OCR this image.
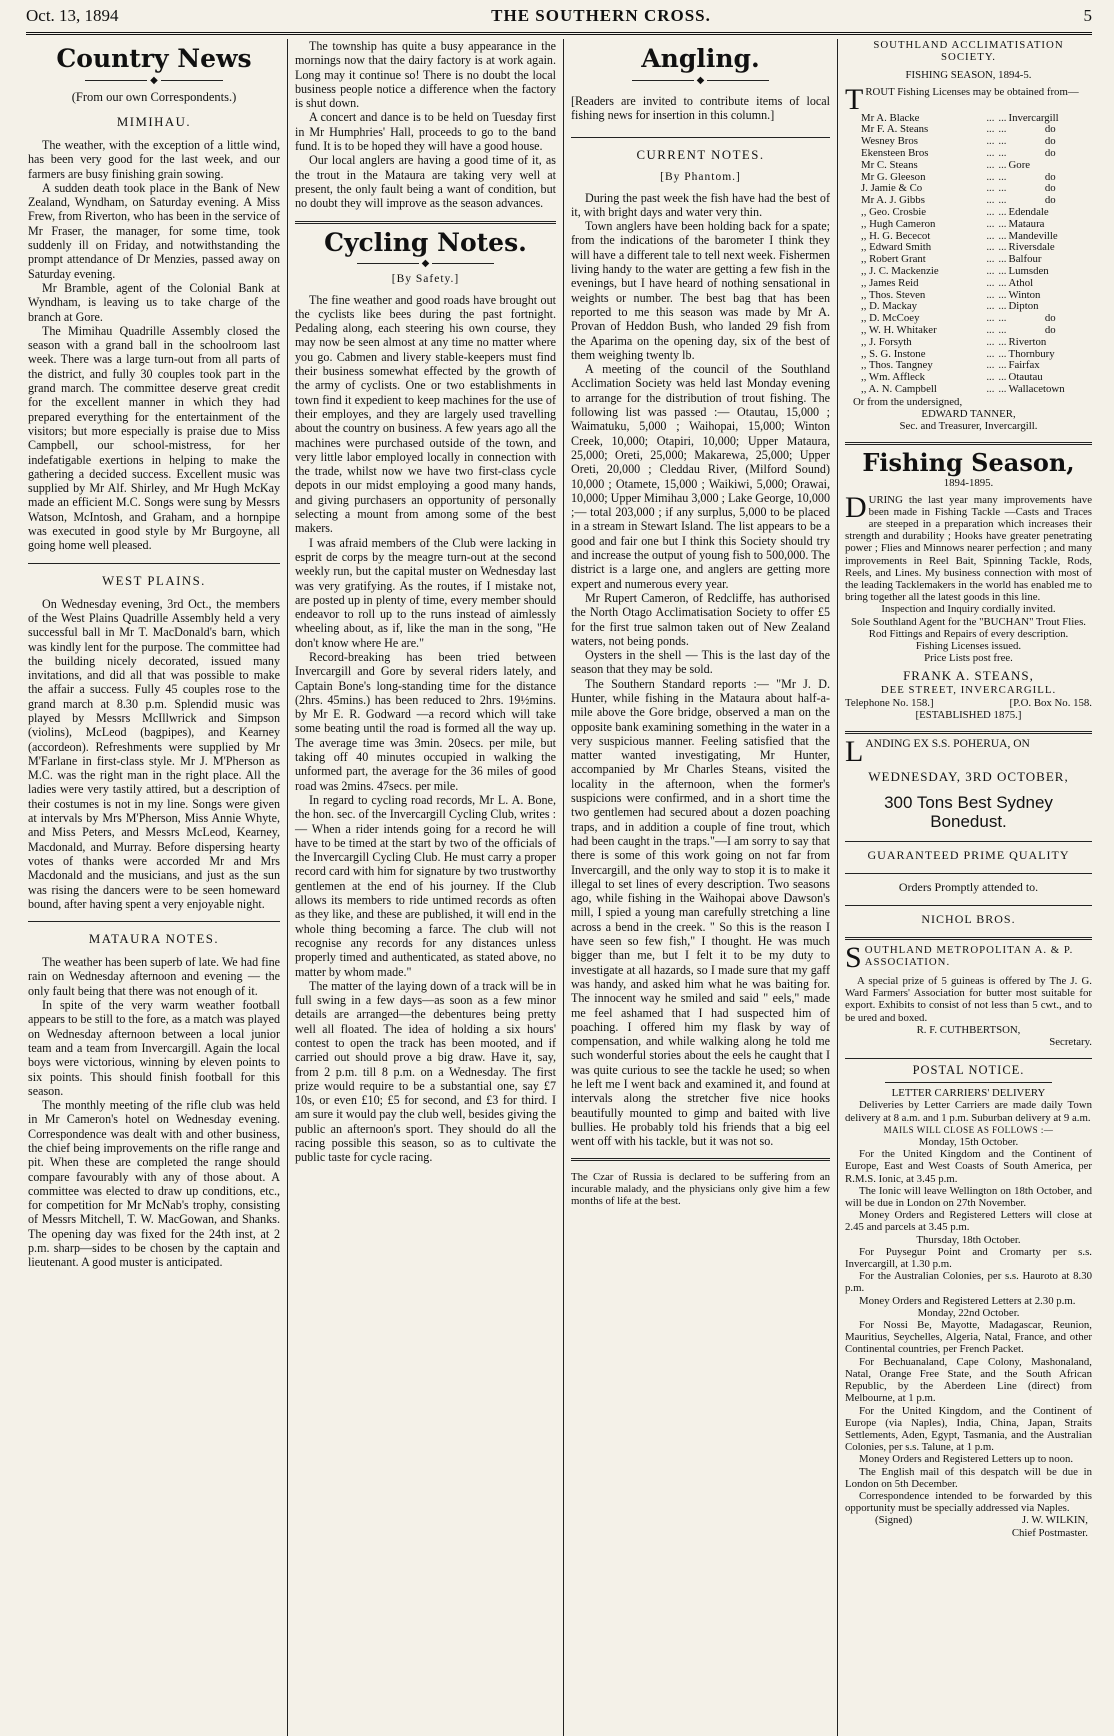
Oct. 13, 1894	THE SOUTHERN CROSS.	5
Country News
◆
(From our own Correspondents.)
MIMIHAU.

The weather, with the exception of a little wind, has been very good for the last week, and our farmers are busy finishing grain sowing.

A sudden death took place in the Bank of New Zealand, Wyndham, on Saturday evening. A Miss Frew, from Riverton, who has been in the service of Mr Fraser, the manager, for some time, took suddenly ill on Friday, and notwithstanding the prompt attendance of Dr Menzies, passed away on Saturday evening.

Mr Bramble, agent of the Colonial Bank at Wyndham, is leaving us to take charge of the branch at Gore.

The Mimihau Quadrille Assembly closed the season with a grand ball in the schoolroom last week. There was a large turn-out from all parts of the district, and fully 30 couples took part in the grand march. The committee deserve great credit for the excellent manner in which they had prepared everything for the entertainment of the visitors; but more especially is praise due to Miss Campbell, our school-mistress, for her indefatigable exertions in helping to make the gathering a decided success. Excellent music was supplied by Mr Alf. Shirley, and Mr Hugh McKay made an efficient M.C. Songs were sung by Messrs Watson, McIntosh, and Graham, and a hornpipe was executed in good style by Mr Burgoyne, all going home well pleased.

WEST PLAINS.

On Wednesday evening, 3rd Oct., the members of the West Plains Quadrille Assembly held a very successful ball in Mr T. MacDonald's barn, which was kindly lent for the purpose. The committee had the building nicely decorated, issued many invitations, and did all that was possible to make the affair a success. Fully 45 couples rose to the grand march at 8.30 p.m. Splendid music was played by Messrs McIllwrick and Simpson (violins), McLeod (bagpipes), and Kearney (accordeon). Refreshments were supplied by Mr M'Farlane in first-class style. Mr J. M'Pherson as M.C. was the right man in the right place. All the ladies were very tastily attired, but a description of their costumes is not in my line. Songs were given at intervals by Mrs M'Pherson, Miss Annie Whyte, and Miss Peters, and Messrs McLeod, Kearney, Macdonald, and Murray. Before dispersing hearty votes of thanks were accorded Mr and Mrs Macdonald and the musicians, and just as the sun was rising the dancers were to be seen homeward bound, after having spent a very enjoyable night.

MATAURA NOTES.

The weather has been superb of late. We had fine rain on Wednesday afternoon and evening — the only fault being that there was not enough of it.

In spite of the very warm weather football appears to be still to the fore, as a match was played on Wednesday afternoon between a local junior team and a team from Invercargill. Again the local boys were victorious, winning by eleven points to six points. This should finish football for this season.

The monthly meeting of the rifle club was held in Mr Cameron's hotel on Wednesday evening. Correspondence was dealt with and other business, the chief being improvements on the rifle range and pit. When these are completed the range should compare favourably with any of those about. A committee was elected to draw up conditions, etc., for competition for Mr McNab's trophy, consisting of Messrs Mitchell, T. W. MacGowan, and Shanks. The opening day was fixed for the 24th inst, at 2 p.m. sharp—sides to be chosen by the captain and lieutenant. A good muster is anticipated.

The township has quite a busy appearance in the mornings now that the dairy factory is at work again. Long may it continue so! There is no doubt the local business people notice a difference when the factory is shut down.

A concert and dance is to be held on Tuesday first in Mr Humphries' Hall, proceeds to go to the band fund. It is to be hoped they will have a good house.

Our local anglers are having a good time of it, as the trout in the Mataura are taking very well at present, the only fault being a want of condition, but no doubt they will improve as the season advances.

Cycling Notes.
◆
[By Safety.]

The fine weather and good roads have brought out the cyclists like bees during the past fortnight. Pedaling along, each steering his own course, they may now be seen almost at any time no matter where you go. Cabmen and livery stable-keepers must find their business somewhat effected by the growth of the army of cyclists. One or two establishments in town find it expedient to keep machines for the use of their employes, and they are largely used travelling about the country on business. A few years ago all the machines were purchased outside of the town, and very little labor employed locally in connection with the trade, whilst now we have two first-class cycle depots in our midst employing a good many hands, and giving purchasers an opportunity of personally selecting a mount from among some of the best makers.

I was afraid members of the Club were lacking in esprit de corps by the meagre turn-out at the second weekly run, but the capital muster on Wednesday last was very gratifying. As the routes, if I mistake not, are posted up in plenty of time, every member should endeavor to roll up to the runs instead of aimlessly wheeling about, as if, like the man in the song, "He don't know where He are."

Record-breaking has been tried between Invercargill and Gore by several riders lately, and Captain Bone's long-standing time for the distance (2hrs. 45mins.) has been reduced to 2hrs. 19½mins. by Mr E. R. Godward —a record which will take some beating until the road is formed all the way up. The average time was 3min. 20secs. per mile, but taking off 40 minutes occupied in walking the unformed part, the average for the 36 miles of good road was 2mins. 47secs. per mile.

In regard to cycling road records, Mr L. A. Bone, the hon. sec. of the Invercargill Cycling Club, writes :— When a rider intends going for a record he will have to be timed at the start by two of the officials of the Invercargill Cycling Club. He must carry a proper record card with him for signature by two trustworthy gentlemen at the end of his journey. If the Club allows its members to ride untimed records as often as they like, and these are published, it will end in the whole thing becoming a farce. The club will not recognise any records for any distances unless properly timed and authenticated, as stated above, no matter by whom made."

The matter of the laying down of a track will be in full swing in a few days—as soon as a few minor details are arranged—the debentures being pretty well all floated. The idea of holding a six hours' contest to open the track has been mooted, and if carried out should prove a big draw. Have it, say, from 2 p.m. till 8 p.m. on a Wednesday. The first prize would require to be a substantial one, say £7 10s, or even £10; £5 for second, and £3 for third. I am sure it would pay the club well, besides giving the public an afternoon's sport. They should do all the racing possible this season, so as to cultivate the public taste for cycle racing.

Angling.
◆
[Readers are invited to contribute items of local fishing news for insertion in this column.]
CURRENT NOTES.
[By Phantom.]

During the past week the fish have had the best of it, with bright days and water very thin.

Town anglers have been holding back for a spate; from the indications of the barometer I think they will have a different tale to tell next week. Fishermen living handy to the water are getting a few fish in the evenings, but I have heard of nothing sensational in weights or number. The best bag that has been reported to me this season was made by Mr A. Provan of Heddon Bush, who landed 29 fish from the Aparima on the opening day, six of the best of them weighing twenty lb.

A meeting of the council of the Southland Acclimation Society was held last Monday evening to arrange for the distribution of trout fishing. The following list was passed :— Otautau, 15,000 ; Waimatuku, 5,000 ; Waihopai, 15,000; Winton Creek, 10,000; Otapiri, 10,000; Upper Mataura, 25,000; Oreti, 25,000; Makarewa, 25,000; Upper Oreti, 20,000 ; Cleddau River, (Milford Sound) 10,000 ; Otamete, 15,000 ; Waikiwi, 5,000; Orawai, 10,000; Upper Mimihau 3,000 ; Lake George, 10,000 ;— total 203,000 ; if any surplus, 5,000 to be placed in a stream in Stewart Island. The list appears to be a good and fair one but I think this Society should try and increase the output of young fish to 500,000. The district is a large one, and anglers are getting more expert and numerous every year.

Mr Rupert Cameron, of Redcliffe, has authorised the North Otago Acclimatisation Society to offer £5 for the first true salmon taken out of New Zealand waters, not being ponds.

Oysters in the shell — This is the last day of the season that they may be sold.

The Southern Standard reports :— "Mr J. D. Hunter, while fishing in the Mataura about half-a-mile above the Gore bridge, observed a man on the opposite bank examining something in the water in a very suspicious manner. Feeling satisfied that the matter wanted investigating, Mr Hunter, accompanied by Mr Charles Steans, visited the locality in the afternoon, when the former's suspicions were confirmed, and in a short time the two gentlemen had secured about a dozen poaching traps, and in addition a couple of fine trout, which had been caught in the traps."—I am sorry to say that there is some of this work going on not far from Invercargill, and the only way to stop it is to make it illegal to set lines of every description. Two seasons ago, while fishing in the Waihopai above Dawson's mill, I spied a young man carefully stretching a line across a bend in the creek. " So this is the reason I have seen so few fish," I thought. He was much bigger than me, but I felt it to be my duty to investigate at all hazards, so I made sure that my gaff was handy, and asked him what he was baiting for. The innocent way he smiled and said " eels," made me feel ashamed that I had suspected him of poaching. I offered him my flask by way of compensation, and while walking along he told me such wonderful stories about the eels he caught that I was quite curious to see the tackle he used; so when he left me I went back and examined it, and found at intervals along the stretcher five nice hooks beautifully mounted to gimp and baited with live bullies. He probably told his friends that a big eel went off with his tackle, but it was not so.

The Czar of Russia is declared to be suffering from an incurable malady, and the physicians only give him a few months of life at the best.
SOUTHLAND ACCLIMATISATION SOCIETY.
FISHING SEASON, 1894-5.
TROUT Fishing Licenses may be obtained from—
Mr A. Blacke	...	...	Invercargill
Mr F. A. Steans	...	...	do
Wesney Bros	...	...	do
Ekensteen Bros	...	...	do
Mr C. Steans	...	...	Gore
Mr G. Gleeson	...	...	do
J. Jamie & Co	...	...	do
Mr A. J. Gibbs	...	...	do
,, Geo. Crosbie	...	...	Edendale
,, Hugh Cameron	...	...	Mataura
,, H. G. Bececot	...	...	Mandeville
,, Edward Smith	...	...	Riversdale
,, Robert Grant	...	...	Balfour
,, J. C. Mackenzie	...	...	Lumsden
,, James Reid	...	...	Athol
,, Thos. Steven	...	...	Winton
,, D. Mackay	...	...	Dipton
,, D. McCoey	...	...	do
,, W. H. Whitaker	...	...	do
,, J. Forsyth	...	...	Riverton
,, S. G. Instone	...	...	Thornbury
,, Thos. Tangney	...	...	Fairfax
,, Wm. Affleck	...	...	Otautau
,, A. N. Campbell	...	...	Wallacetown
Or from the undersigned,
EDWARD TANNER,
Sec. and Treasurer, Invercargill.
Fishing Season,
1894-1895.
DURING the last year many improvements have been made in Fishing Tackle —Casts and Traces are steeped in a preparation which increases their strength and durability ; Hooks have greater penetrating power ; Flies and Minnows nearer perfection ; and many improvements in Reel Bait, Spinning Tackle, Rods, Reels, and Lines. My business connection with most of the leading Tacklemakers in the world has enabled me to bring together all the latest goods in this line.
Inspection and Inquiry cordially invited.
Sole Southland Agent for the "BUCHAN" Trout Flies.
Rod Fittings and Repairs of every description.
Fishing Licenses issued.
Price Lists post free.
FRANK A. STEANS,
DEE STREET, INVERCARGILL.
Telephone No. 158.]	[P.O. Box No. 158.
[ESTABLISHED 1875.]
LANDING EX S.S. POHERUA, ON
WEDNESDAY, 3RD OCTOBER,
300 Tons Best Sydney Bonedust.
GUARANTEED PRIME QUALITY
Orders Promptly attended to.
NICHOL BROS.
SOUTHLAND METROPOLITAN A. & P. ASSOCIATION.
A special prize of 5 guineas is offered by The J. G. Ward Farmers' Association for butter most suitable for export. Exhibits to consist of not less than 5 cwt., and to be ured and boxed.
R. F. CUTHBERTSON,
Secretary.
POSTAL NOTICE.
LETTER CARRIERS' DELIVERY

Deliveries by Letter Carriers are made daily Town delivery at 8 a.m. and 1 p.m. Suburban delivery at 9 a.m.

MAILS WILL CLOSE AS FOLLOWS :—

Monday, 15th October.

For the United Kingdom and the Continent of Europe, East and West Coasts of South America, per R.M.S. Ionic, at 3.45 p.m.

The Ionic will leave Wellington on 18th October, and will be due in London on 27th November.

Money Orders and Registered Letters will close at 2.45 and parcels at 3.45 p.m.

Thursday, 18th October.

For Puysegur Point and Cromarty per s.s. Invercargill, at 1.30 p.m.

For the Australian Colonies, per s.s. Hauroto at 8.30 p.m.

Money Orders and Registered Letters at 2.30 p.m.

Monday, 22nd October.

For Nossi Be, Mayotte, Madagascar, Reunion, Mauritius, Seychelles, Algeria, Natal, France, and other Continental countries, per French Packet.

For Bechuanaland, Cape Colony, Mashonaland, Natal, Orange Free State, and the South African Republic, by the Aberdeen Line (direct) from Melbourne, at 1 p.m.

For the United Kingdom, and the Continent of Europe (via Naples), India, China, Japan, Straits Settlements, Aden, Egypt, Tasmania, and the Australian Colonies, per s.s. Talune, at 1 p.m.

Money Orders and Registered Letters up to noon.

The English mail of this despatch will be due in London on 5th December.

Correspondence intended to be forwarded by this opportunity must be specially addressed via Naples.

(Signed)	J. W. WILKIN,
Chief Postmaster.
